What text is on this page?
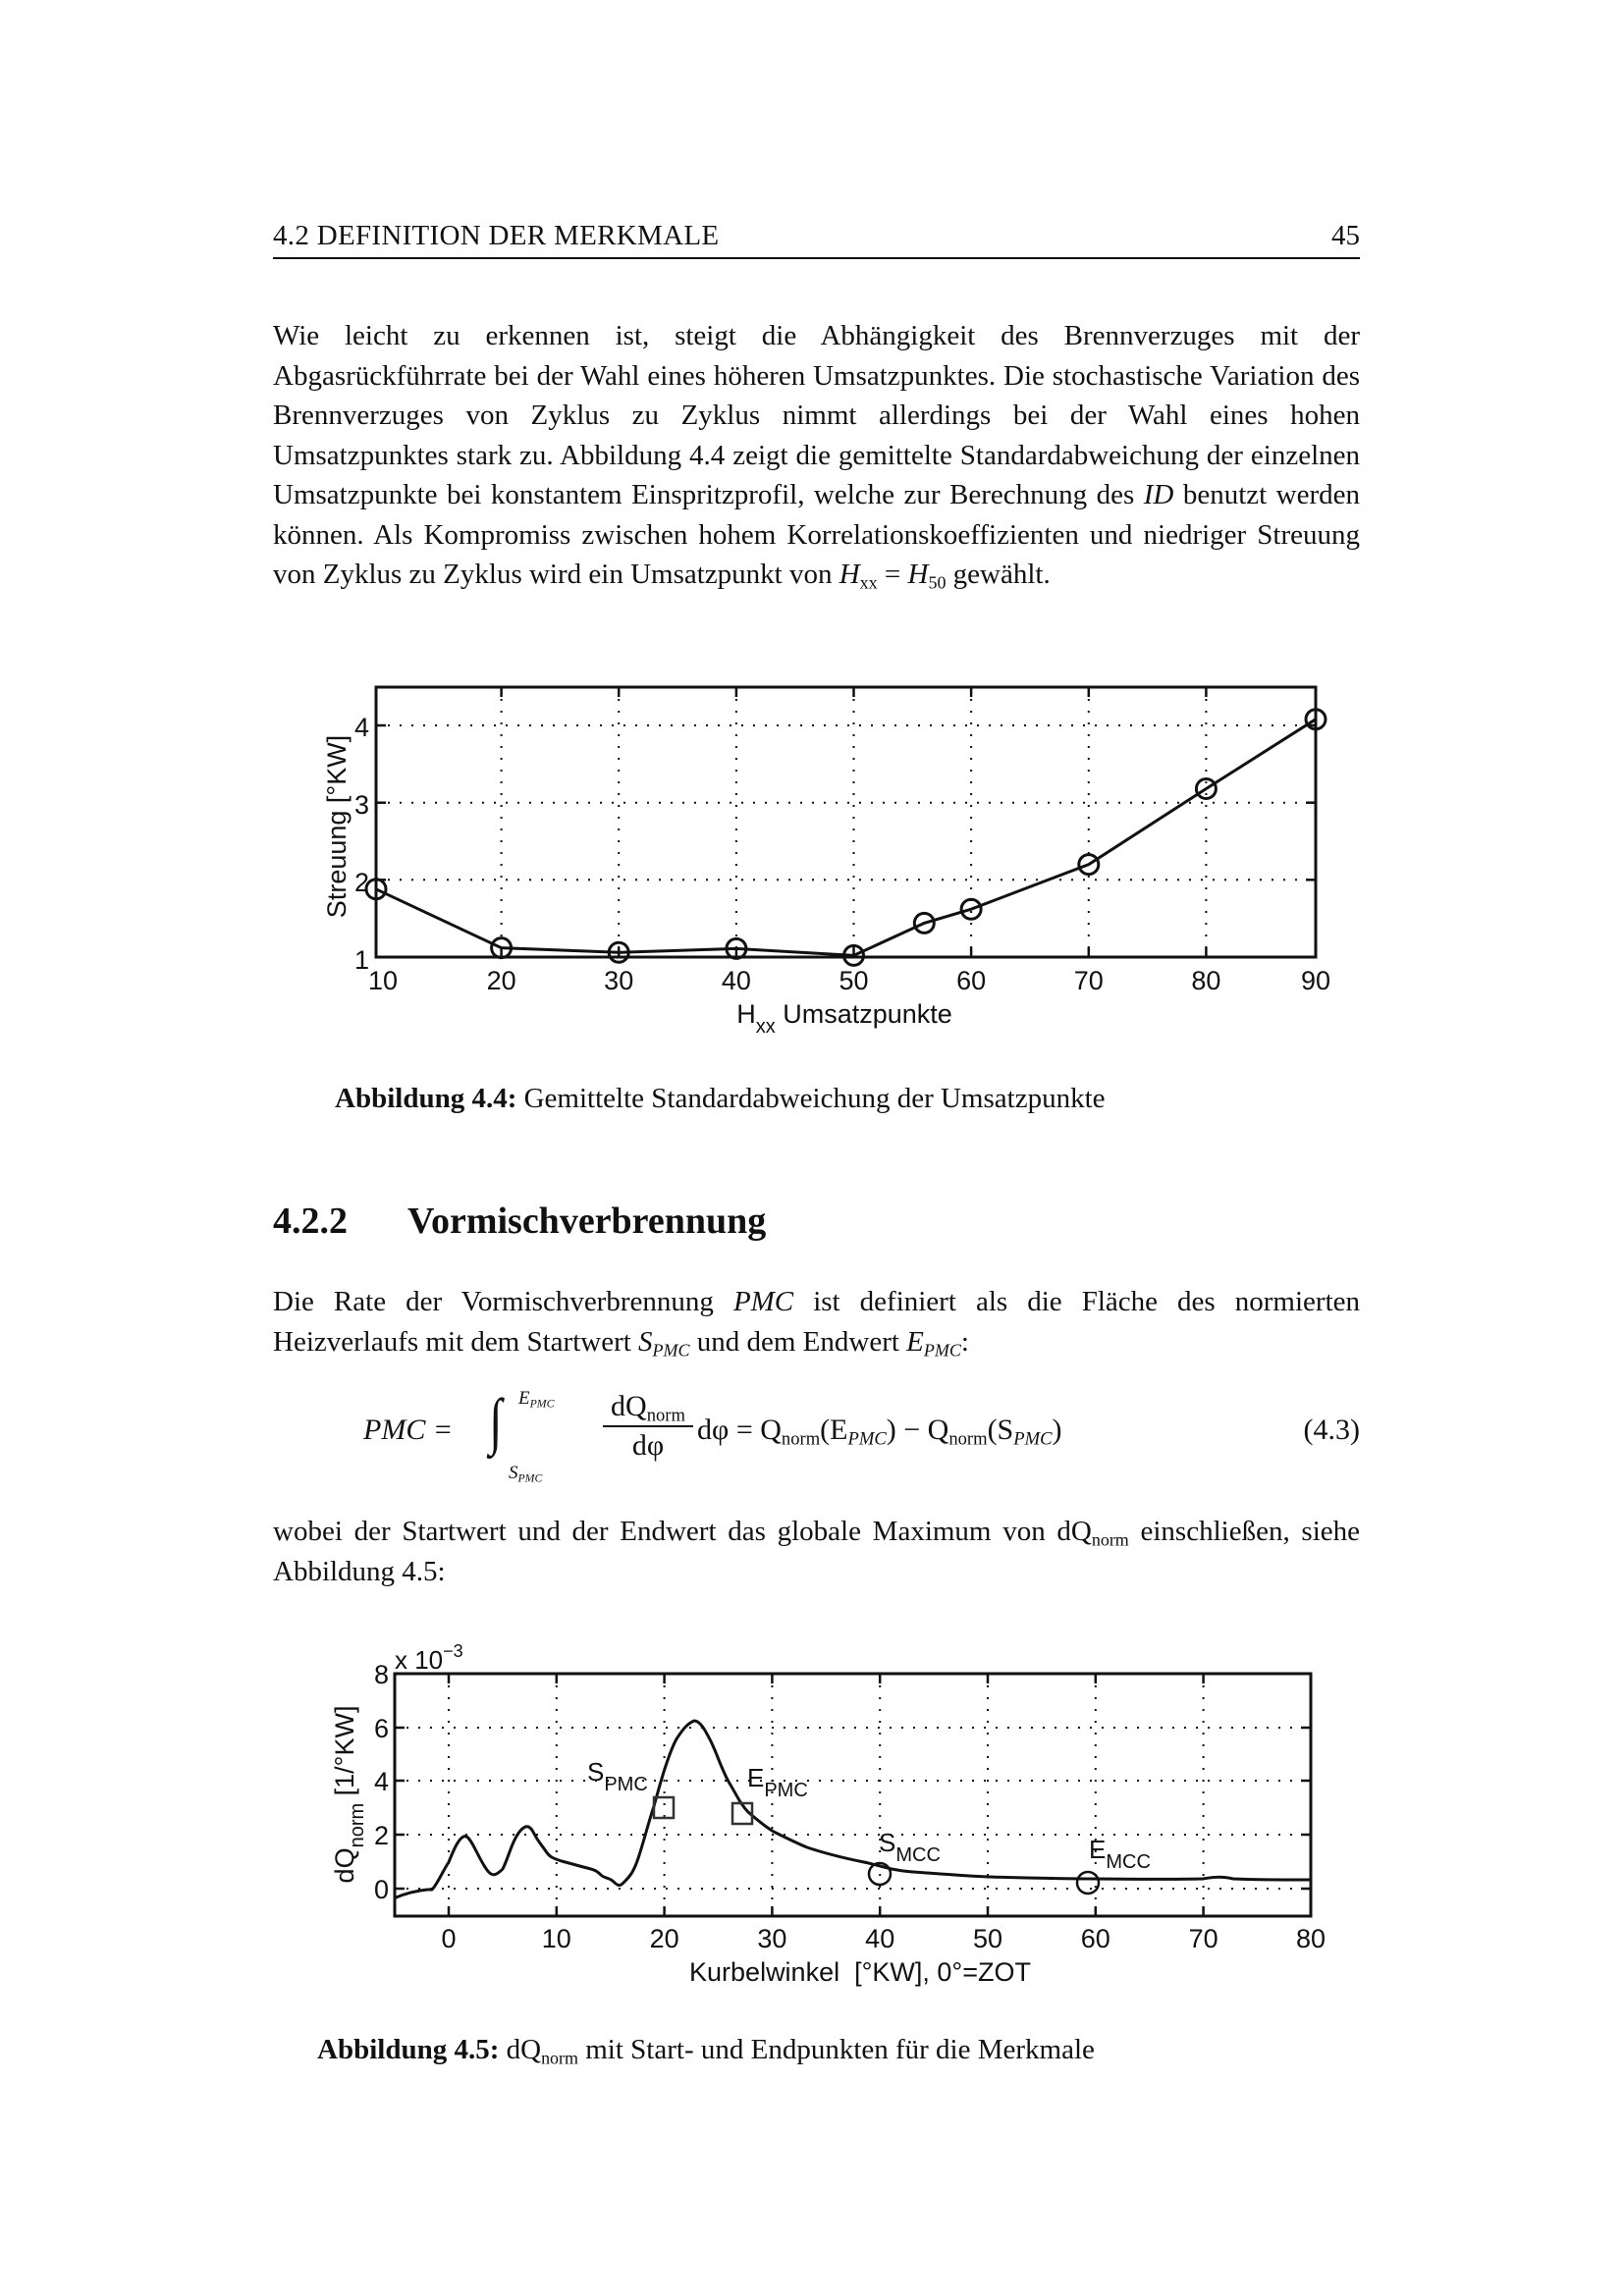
4.2 DEFINITION DER MERKMALE	45
Wie leicht zu erkennen ist, steigt die Abhängigkeit des Brennverzuges mit der Abgasrückführrate bei der Wahl eines höheren Umsatzpunktes. Die stochastische Variation des Brennverzuges von Zyklus zu Zyklus nimmt allerdings bei der Wahl eines hohen Umsatzpunktes stark zu. Abbildung 4.4 zeigt die gemittelte Standardabweichung der einzelnen Umsatzpunkte bei konstantem Einspritzprofil, welche zur Berechnung des ID benutzt werden können. Als Kompromiss zwischen hohem Korrelationskoeffizienten und niedriger Streuung von Zyklus zu Zyklus wird ein Umsatzpunkt von $H_{xx} = H_{50}$ gewählt.
1
2
3
4
10	20	30	40	50	60	70	80	90
$H_{xx}$ Umsatzpunkte
Streuung [°KW]
Abbildung 4.4: Gemittelte Standardabweichung der Umsatzpunkte
4.2.2 Vormischverbrennung
Die Rate der Vormischverbrennung PMC ist definiert als die Fläche des normierten Heizverlaufs mit dem Startwert $S_{PMC}$ und dem Endwert $E_{PMC}$:
PMC = ∫ $E_{PMC}$
$S_{PMC}$
$dQ_{norm}$
dφ	$d\varphi = Q_{norm}(E_{PMC}) - Q_{norm}(S_{PMC})$	(4.3)
wobei der Startwert und der Endwert das globale Maximum von $dQ_{norm}$ einschließen, siehe Abbildung 4.5:
$S_{PMC}$	$E_{PMC}$
$S_{MCC}$	$E_{MCC}$
0
2
4
6
8 x $10^{-3}$
0	10	20	30	40	50	60	70	80
Kurbelwinkel  [°KW], 0°=ZOT
$dQ_{norm}$ [1/°KW]
Abbildung 4.5: $dQ_{norm}$ mit Start- und Endpunkten für die Merkmale
